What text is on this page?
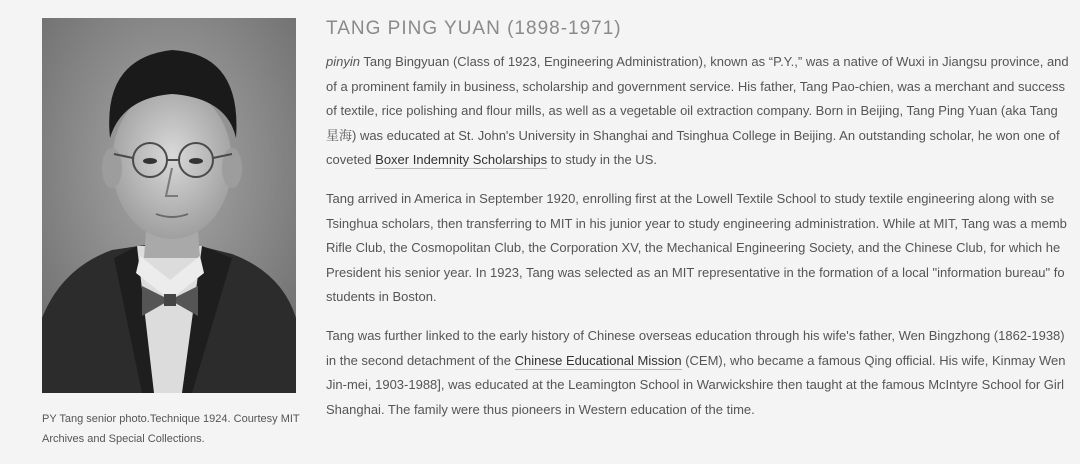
PY Tang senior photo.Technique 1924. Courtesy MIT
Archives and Special Collections.
TANG PING YUAN (1898-1971)

pinyin Tang Bingyuan (Class of 1923, Engineering Administration), known as “P.Y.,” was a native of Wuxi in Jiangsu province, and
of a prominent family in business, scholarship and government service. His father, Tang Pao-chien, was a merchant and success
of textile, rice polishing and flour mills, as well as a vegetable oil extraction company. Born in Beijing, Tang Ping Yuan (aka Tang
星海) was educated at St. John's University in Shanghai and Tsinghua College in Beijing. An outstanding scholar, he won one of
coveted Boxer Indemnity Scholarships to study in the US.

Tang arrived in America in September 1920, enrolling first at the Lowell Textile School to study textile engineering along with se
Tsinghua scholars, then transferring to MIT in his junior year to study engineering administration. While at MIT, Tang was a memb
Rifle Club, the Cosmopolitan Club, the Corporation XV, the Mechanical Engineering Society, and the Chinese Club, for which he
President his senior year. In 1923, Tang was selected as an MIT representative in the formation of a local "information bureau" fo
students in Boston.

Tang was further linked to the early history of Chinese overseas education through his wife's father, Wen Bingzhong (1862-1938)
in the second detachment of the Chinese Educational Mission (CEM), who became a famous Qing official. His wife, Kinmay Wen
Jin-mei, 1903-1988], was educated at the Leamington School in Warwickshire then taught at the famous McIntyre School for Girl
Shanghai. The family were thus pioneers in Western education of the time.
